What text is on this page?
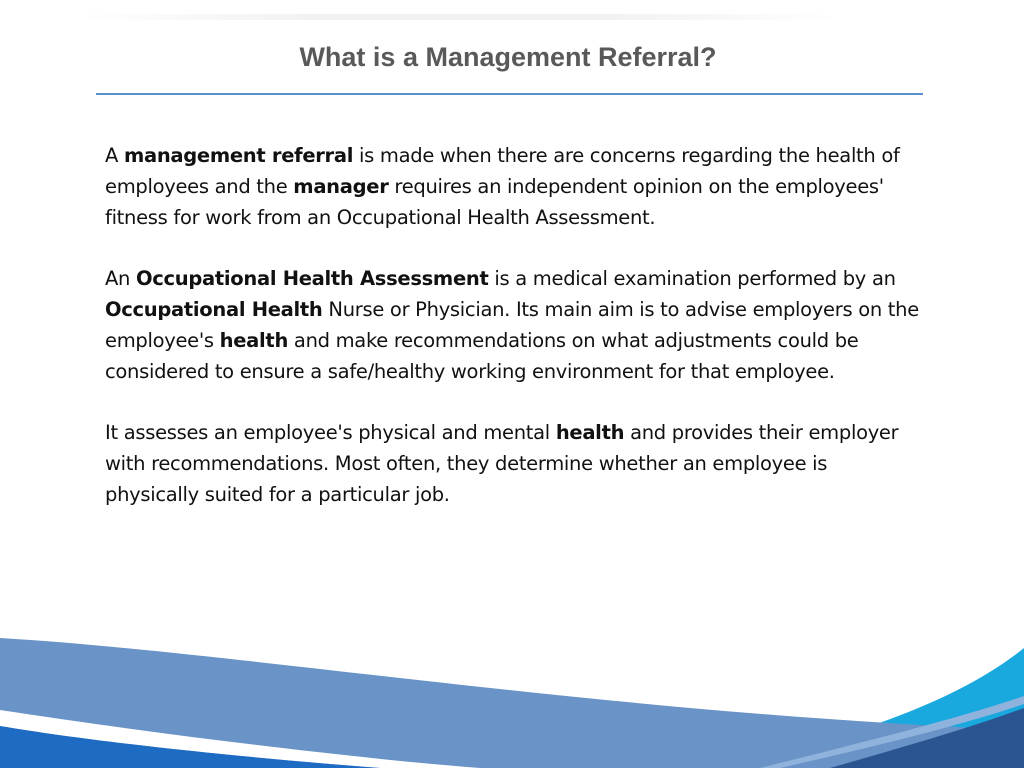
What is a Management Referral?

A management referral is made when there are concerns regarding the health of employees and the manager requires an independent opinion on the employees' fitness for work from an Occupational Health Assessment.

An Occupational Health Assessment is a medical examination performed by an Occupational Health Nurse or Physician. Its main aim is to advise employers on the employee's health and make recommendations on what adjustments could be considered to ensure a safe/healthy working environment for that employee.

It assesses an employee's physical and mental health and provides their employer with recommendations. Most often, they determine whether an employee is physically suited for a particular job.
